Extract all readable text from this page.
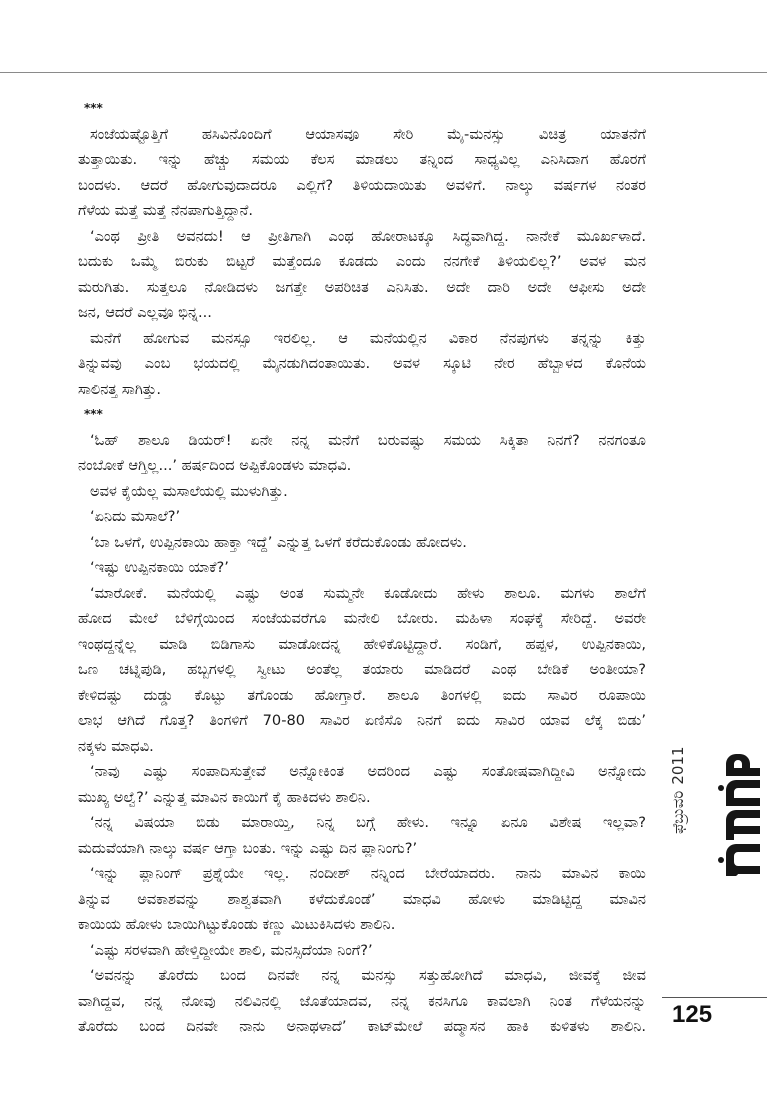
***
ಸಂಜೆಯಷ್ಟೊತ್ತಿಗೆ ಹಸಿವಿನೊಂದಿಗೆ ಆಯಾಸವೂ ಸೇರಿ ಮೈ-ಮನಸ್ಸು ವಿಚಿತ್ರ ಯಾತನೆಗೆ
ತುತ್ತಾಯಿತು. ಇನ್ನು ಹೆಚ್ಚು ಸಮಯ ಕೆಲಸ ಮಾಡಲು ತನ್ನಿಂದ ಸಾಧ್ಯವಿಲ್ಲ ಎನಿಸಿದಾಗ ಹೊರಗೆ
ಬಂದಳು. ಆದರೆ ಹೋಗುವುದಾದರೂ ಎಲ್ಲಿಗೆ? ತಿಳಿಯದಾಯಿತು ಅವಳಿಗೆ. ನಾಲ್ಕು ವರ್ಷಗಳ ನಂತರ
ಗೆಳೆಯ ಮತ್ತೆ ಮತ್ತೆ ನೆನಪಾಗುತ್ತಿದ್ದಾನೆ.
‘ಎಂಥ ಪ್ರೀತಿ ಅವನದು! ಆ ಪ್ರೀತಿಗಾಗಿ ಎಂಥ ಹೋರಾಟಕ್ಕೂ ಸಿದ್ಧವಾಗಿದ್ದ. ನಾನೇಕೆ ಮೂರ್ಖಳಾದೆ.
ಬದುಕು ಒಮ್ಮೆ ಬಿರುಕು ಬಿಟ್ಟರೆ ಮತ್ತೆಂದೂ ಕೂಡದು ಎಂದು ನನಗೇಕೆ ತಿಳಿಯಲಿಲ್ಲ?’ ಅವಳ ಮನ
ಮರುಗಿತು. ಸುತ್ತಲೂ ನೋಡಿದಳು ಜಗತ್ತೇ ಅಪರಿಚಿತ ಎನಿಸಿತು. ಅದೇ ದಾರಿ ಅದೇ ಆಫೀಸು ಅದೇ
ಜನ, ಆದರೆ ಎಲ್ಲವೂ ಭಿನ್ನ...
ಮನೆಗೆ ಹೋಗುವ ಮನಸ್ಸೂ ಇರಲಿಲ್ಲ. ಆ ಮನೆಯಲ್ಲಿನ ವಿಕಾರ ನೆನಪುಗಳು ತನ್ನನ್ನು ಕಿತ್ತು
ತಿನ್ನುವವು ಎಂಬ ಭಯದಲ್ಲಿ ಮೈನಡುಗಿದಂತಾಯಿತು. ಅವಳ ಸ್ಕೂಟಿ ನೇರ ಹೆಬ್ಬಾಳದ ಕೊನೆಯ
ಸಾಲಿನತ್ತ ಸಾಗಿತ್ತು.
***
‘ಓಹ್ ಶಾಲೂ ಡಿಯರ್! ಏನೇ ನನ್ನ ಮನೆಗೆ ಬರುವಷ್ಟು ಸಮಯ ಸಿಕ್ಕಿತಾ ನಿನಗೆ? ನನಗಂತೂ
ನಂಬೋಕೆ ಆಗ್ತಿಲ್ಲ...’ ಹರ್ಷದಿಂದ ಅಪ್ಪಿಕೊಂಡಳು ಮಾಧವಿ.
ಅವಳ ಕೈಯೆಲ್ಲ ಮಸಾಲೆಯಲ್ಲಿ ಮುಳುಗಿತ್ತು.
‘ಏನಿದು ಮಸಾಲೆ?’
‘ಬಾ ಒಳಗೆ, ಉಪ್ಪಿನಕಾಯಿ ಹಾಕ್ತಾ ಇದ್ದೆ’ ಎನ್ನುತ್ತ ಒಳಗೆ ಕರೆದುಕೊಂಡು ಹೋದಳು.
‘ಇಷ್ಟು ಉಪ್ಪಿನಕಾಯಿ ಯಾಕೆ?’
‘ಮಾರೋಕೆ. ಮನೆಯಲ್ಲಿ ಎಷ್ಟು ಅಂತ ಸುಮ್ಮನೇ ಕೂಡೋದು ಹೇಳು ಶಾಲೂ. ಮಗಳು ಶಾಲೆಗೆ
ಹೋದ ಮೇಲೆ ಬೆಳಿಗ್ಗೆಯಿಂದ ಸಂಜೆಯವರೆಗೂ ಮನೇಲಿ ಬೋರು. ಮಹಿಳಾ ಸಂಘಕ್ಕೆ ಸೇರಿದ್ದೆ. ಅವರೇ
ಇಂಥದ್ದನ್ನೆಲ್ಲ ಮಾಡಿ ಬಿಡಿಗಾಸು ಮಾಡೋದನ್ನ ಹೇಳಿಕೊಟ್ಟಿದ್ದಾರೆ. ಸಂಡಿಗೆ, ಹಪ್ಪಳ, ಉಪ್ಪಿನಕಾಯಿ,
ಒಣ ಚಟ್ನಿಪುಡಿ, ಹಬ್ಬಗಳಲ್ಲಿ ಸ್ವೀಟು ಅಂತೆಲ್ಲ ತಯಾರು ಮಾಡಿದರೆ ಎಂಥ ಬೇಡಿಕೆ ಅಂತೀಯಾ?
ಕೇಳಿದಷ್ಟು ದುಡ್ಡು ಕೊಟ್ಟು ತಗೊಂಡು ಹೋಗ್ತಾರೆ. ಶಾಲೂ ತಿಂಗಳಲ್ಲಿ ಐದು ಸಾವಿರ ರೂಪಾಯಿ
ಲಾಭ ಆಗಿದೆ ಗೊತ್ತ? ತಿಂಗಳಿಗೆ 70-80 ಸಾವಿರ ಏಣಿಸೊ ನಿನಗೆ ಐದು ಸಾವಿರ ಯಾವ ಲೆಕ್ಕ ಬಿಡು’
ನಕ್ಕಳು ಮಾಧವಿ.
‘ನಾವು ಎಷ್ಟು ಸಂಪಾದಿಸುತ್ತೇವೆ ಅನ್ನೋಕಿಂತ ಅದರಿಂದ ಎಷ್ಟು ಸಂತೋಷವಾಗಿದ್ದೀವಿ ಅನ್ನೋದು
ಮುಖ್ಯ ಅಲ್ವೆ?’ ಎನ್ನುತ್ತ ಮಾವಿನ ಕಾಯಿಗೆ ಕೈ ಹಾಕಿದಳು ಶಾಲಿನಿ.
‘ನನ್ನ ವಿಷಯಾ ಬಿಡು ಮಾರಾಯ್ತಿ, ನಿನ್ನ ಬಗ್ಗೆ ಹೇಳು. ಇನ್ನೂ ಏನೂ ವಿಶೇಷ ಇಲ್ಲವಾ?
ಮದುವೆಯಾಗಿ ನಾಲ್ಕು ವರ್ಷ ಆಗ್ತಾ ಬಂತು. ಇನ್ನು ಎಷ್ಟು ದಿನ ಪ್ಲಾನಿಂಗು?’
‘ಇನ್ನು ಪ್ಲಾನಿಂಗ್ ಪ್ರಶ್ನೆಯೇ ಇಲ್ಲ. ನಂದೀಶ್ ನನ್ನಿಂದ ಬೇರೆಯಾದರು. ನಾನು ಮಾವಿನ ಕಾಯಿ
ತಿನ್ನುವ ಅವಕಾಶವನ್ನು ಶಾಶ್ವತವಾಗಿ ಕಳೆದುಕೊಂಡೆ’ ಮಾಧವಿ ಹೋಳು ಮಾಡಿಟ್ಟಿದ್ದ ಮಾವಿನ
ಕಾಯಿಯ ಹೋಳು ಬಾಯಿಗಿಟ್ಟುಕೊಂಡು ಕಣ್ಣು ಮಿಟುಕಿಸಿದಳು ಶಾಲಿನಿ.
‘ಎಷ್ಟು ಸರಳವಾಗಿ ಹೇಳ್ತಿದ್ದೀಯೇ ಶಾಲಿ, ಮನಸ್ಸಿದೆಯಾ ನಿಂಗೆ?’
‘ಅವನನ್ನು ತೊರೆದು ಬಂದ ದಿನವೇ ನನ್ನ ಮನಸ್ಸು ಸತ್ತುಹೋಗಿದೆ ಮಾಧವಿ, ಜೀವಕ್ಕೆ ಜೀವ
ವಾಗಿದ್ದವ, ನನ್ನ ನೋವು ನಲಿವಿನಲ್ಲಿ ಜೊತೆಯಾದವ, ನನ್ನ ಕನಸಿಗೂ ಕಾವಲಾಗಿ ನಿಂತ ಗೆಳೆಯನನ್ನು
ತೊರೆದು ಬಂದ ದಿನವೇ ನಾನು ಅನಾಥಳಾದೆ’ ಕಾಟ್‌ಮೇಲೆ ಪದ್ಮಾಸನ ಹಾಕಿ ಕುಳಿತಳು ಶಾಲಿನಿ.
ಫೆಬ್ರುವರಿ2011
125
